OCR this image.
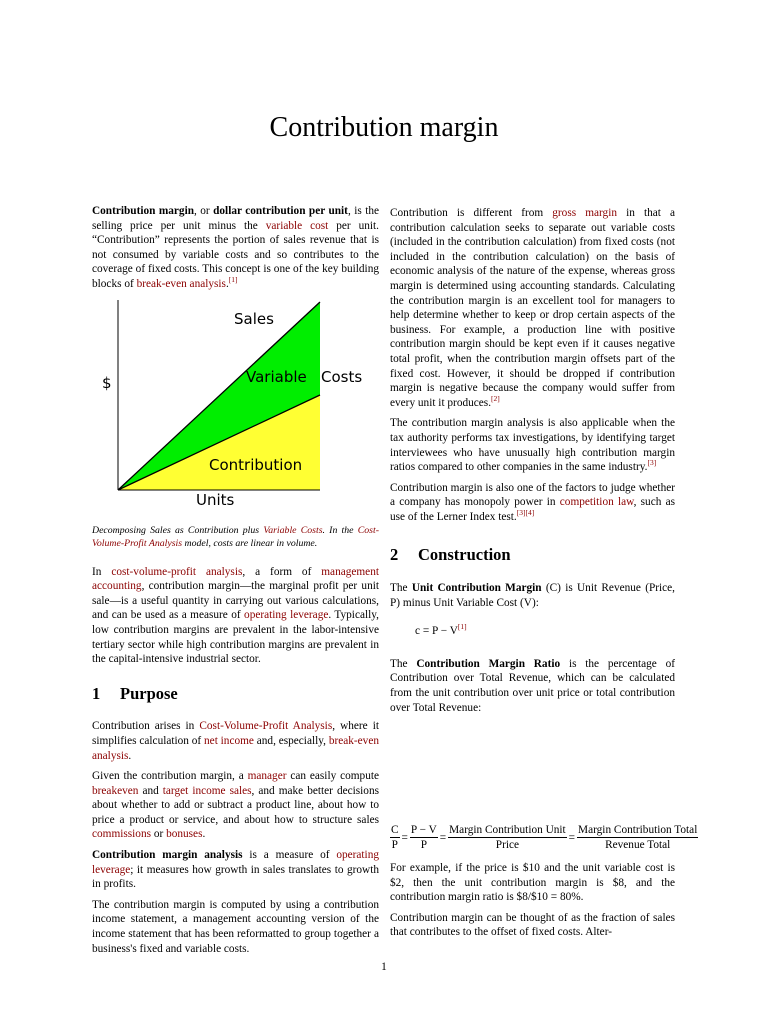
Contribution margin
Contribution margin, or dollar contribution per unit, is the selling price per unit minus the variable cost per unit. “Contribution” represents the portion of sales revenue that is not consumed by variable costs and so contributes to the coverage of fixed costs. This concept is one of the key building blocks of break-even analysis.[1]
Sales
Variable Costs
$
Contribution
Units
Decomposing Sales as Contribution plus Variable Costs. In the Cost-Volume-Profit Analysis model, costs are linear in volume.
In cost-volume-profit analysis, a form of management accounting, contribution margin—the marginal profit per unit sale—is a useful quantity in carrying out various calculations, and can be used as a measure of operating leverage. Typically, low contribution margins are prevalent in the labor-intensive tertiary sector while high contribution margins are prevalent in the capital-intensive industrial sector.
1 Purpose
Contribution arises in Cost-Volume-Profit Analysis, where it simplifies calculation of net income and, especially, break-even analysis.
Given the contribution margin, a manager can easily compute breakeven and target income sales, and make better decisions about whether to add or subtract a product line, about how to price a product or service, and about how to structure sales commissions or bonuses.
Contribution margin analysis is a measure of operating leverage; it measures how growth in sales translates to growth in profits.
The contribution margin is computed by using a contribution income statement, a management accounting version of the income statement that has been reformatted to group together a business's fixed and variable costs.
Contribution is different from gross margin in that a contribution calculation seeks to separate out variable costs (included in the contribution calculation) from fixed costs (not included in the contribution calculation) on the basis of economic analysis of the nature of the expense, whereas gross margin is determined using accounting standards. Calculating the contribution margin is an excellent tool for managers to help determine whether to keep or drop certain aspects of the business. For example, a production line with positive contribution margin should be kept even if it causes negative total profit, when the contribution margin offsets part of the fixed cost. However, it should be dropped if contribution margin is negative because the company would suffer from every unit it produces.[2]
The contribution margin analysis is also applicable when the tax authority performs tax investigations, by identifying target interviewees who have unusually high contribution margin ratios compared to other companies in the same industry.[3]
Contribution margin is also one of the factors to judge whether a company has monopoly power in competition law, such as use of the Lerner Index test.[3][4]
2 Construction
The Unit Contribution Margin (C) is Unit Revenue (Price, P) minus Unit Variable Cost (V):
c = P − V[1]
The Contribution Margin Ratio is the percentage of Contribution over Total Revenue, which can be calculated from the unit contribution over unit price or total contribution over Total Revenue:
$\frac{C}{P} = \frac{P - V}{P} = \frac{\text{Margin Contribution Unit}}{\text{Price}} = \frac{\text{Margin Contribution Total}}{\text{Revenue Total}}$
For example, if the price is $10 and the unit variable cost is $2, then the unit contribution margin is $8, and the contribution margin ratio is $8/$10 = 80%.
Contribution margin can be thought of as the fraction of sales that contributes to the offset of fixed costs. Alter-
1
